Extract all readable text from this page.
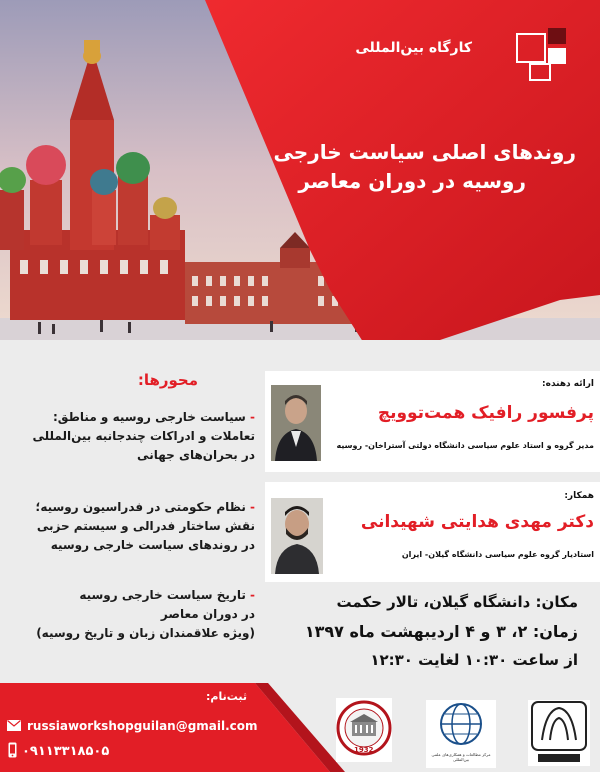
کارگاه بین‌المللی
روندهای اصلی سیاست خارجی
روسیه در دوران معاصر
محورها:
- سیاست خارجی روسیه و مناطق:
تعاملات و ادراکات چندجانبه بین‌المللی
در بحران‌های جهانی
- نظام حکومتی در فدراسیون روسیه؛
نقش ساختار فدرالی و سیستم حزبی
در روندهای سیاست خارجی روسیه
- تاریخ سیاست خارجی روسیه
در دوران معاصر
(ویژه علاقمندان زبان و تاریخ روسیه)
ارائه دهنده:
پرفسور رافیک همت‌توویچ
مدیر گروه و استاد علوم سیاسی دانشگاه دولتی آستراخان- روسیه
همکار:
دکتر مهدی هدایتی شهیدانی
استادیار گروه علوم سیاسی دانشگاه گیلان- ایران
مکان: دانشگاه گیلان، تالار حکمت
زمان: ۲، ۳ و ۴ اردیبهشت ماه ۱۳۹۷
از ساعت ۱۰:۳۰ لغایت ۱۲:۳۰
ثبت‌نام:
russiaworkshopguilan@gmail.com
۰۹۱۱۳۳۱۸۵۰۵	1932
مرکز مطالعات و همکاری‌های علمی بین‌المللی
